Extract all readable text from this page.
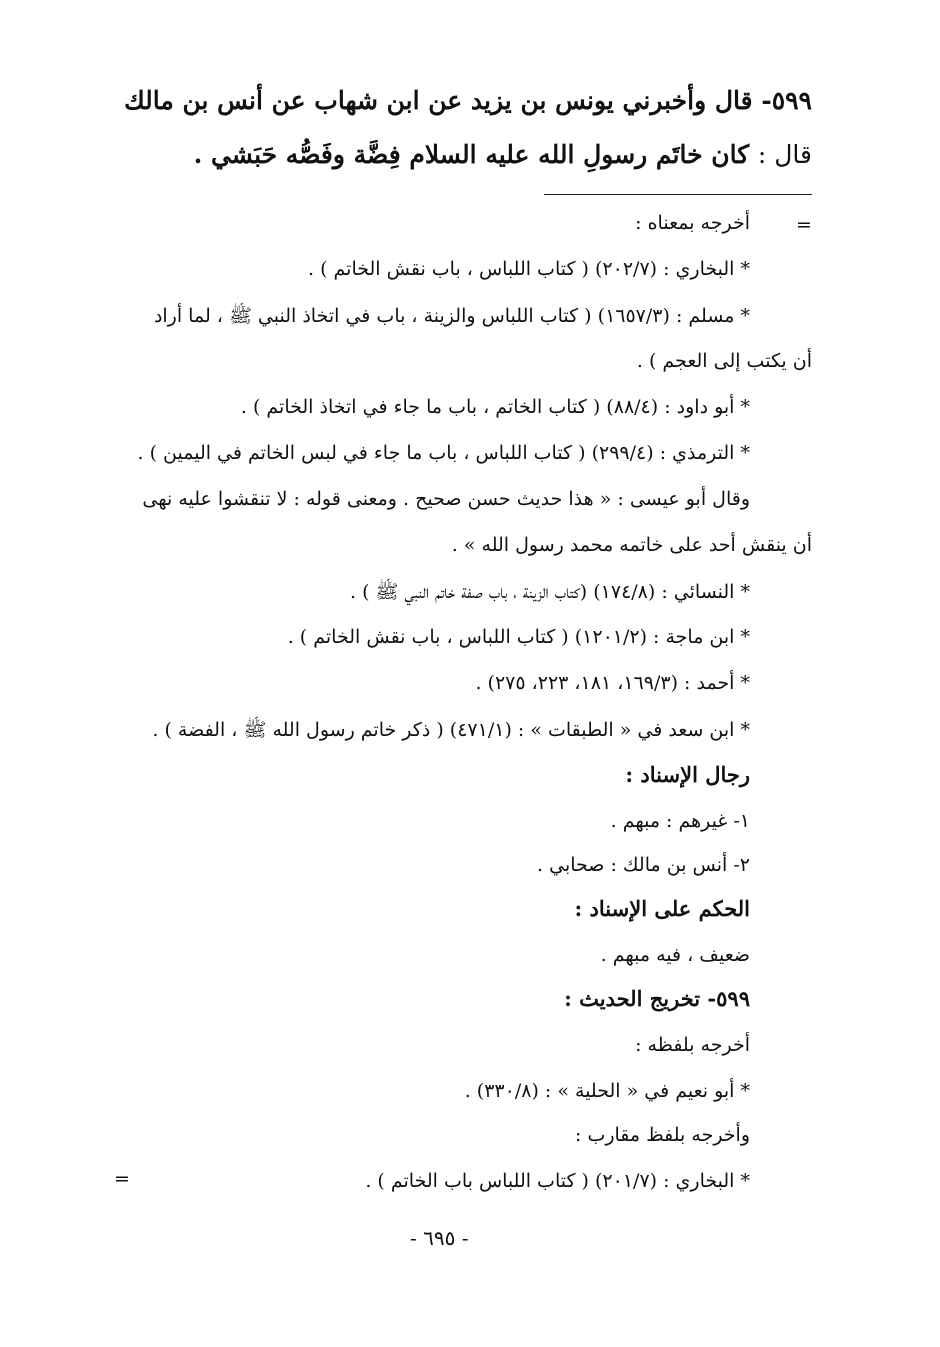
٥٩٩- قال وأخبرني يونس بن يزيد عن ابن شهاب عن أنس بن مالك
قال : كان خاتَم رسولِ الله عليه السلام فِضَّة وفَصُّه حَبَشي .
=
أخرجه بمعناه :
* البخاري : (٢٠٢/٧) ( كتاب اللباس ، باب نقش الخاتم ) .
* مسلم : (١٦٥٧/٣) ( كتاب اللباس والزينة ، باب في اتخاذ النبي ﷺ ، لما أراد
أن يكتب إلى العجم ) .
* أبو داود : (٨٨/٤) ( كتاب الخاتم ، باب ما جاء في اتخاذ الخاتم ) .
* الترمذي : (٢٩٩/٤) ( كتاب اللباس ، باب ما جاء في لبس الخاتم في اليمين ) .
وقال أبو عيسى : « هذا حديث حسن صحيح . ومعنى قوله : لا تنقشوا عليه نهى
أن ينقش أحد على خاتمه محمد رسول الله » .
* النسائي : (١٧٤/٨) (كتاب الزينة ، باب صفة خاتم النبي ﷺ ) .
* ابن ماجة : (١٢٠١/٢) ( كتاب اللباس ، باب نقش الخاتم ) .
* أحمد : (١٦٩/٣، ١٨١، ٢٢٣، ٢٧٥) .
* ابن سعد في « الطبقات » : (٤٧١/١) ( ذكر خاتم رسول الله ﷺ ، الفضة ) .
رجال الإسناد :
١- غيرهم : مبهم .
٢- أنس بن مالك : صحابي .
الحكم على الإسناد :
ضعيف ، فيه مبهم .
٥٩٩- تخريج الحديث :
أخرجه بلفظه :
* أبو نعيم في « الحلية » : (٣٣٠/٨) .
وأخرجه بلفظ مقارب :
* البخاري : (٢٠١/٧) ( كتاب اللباس باب الخاتم ) .
=
- ٦٩٥ -
